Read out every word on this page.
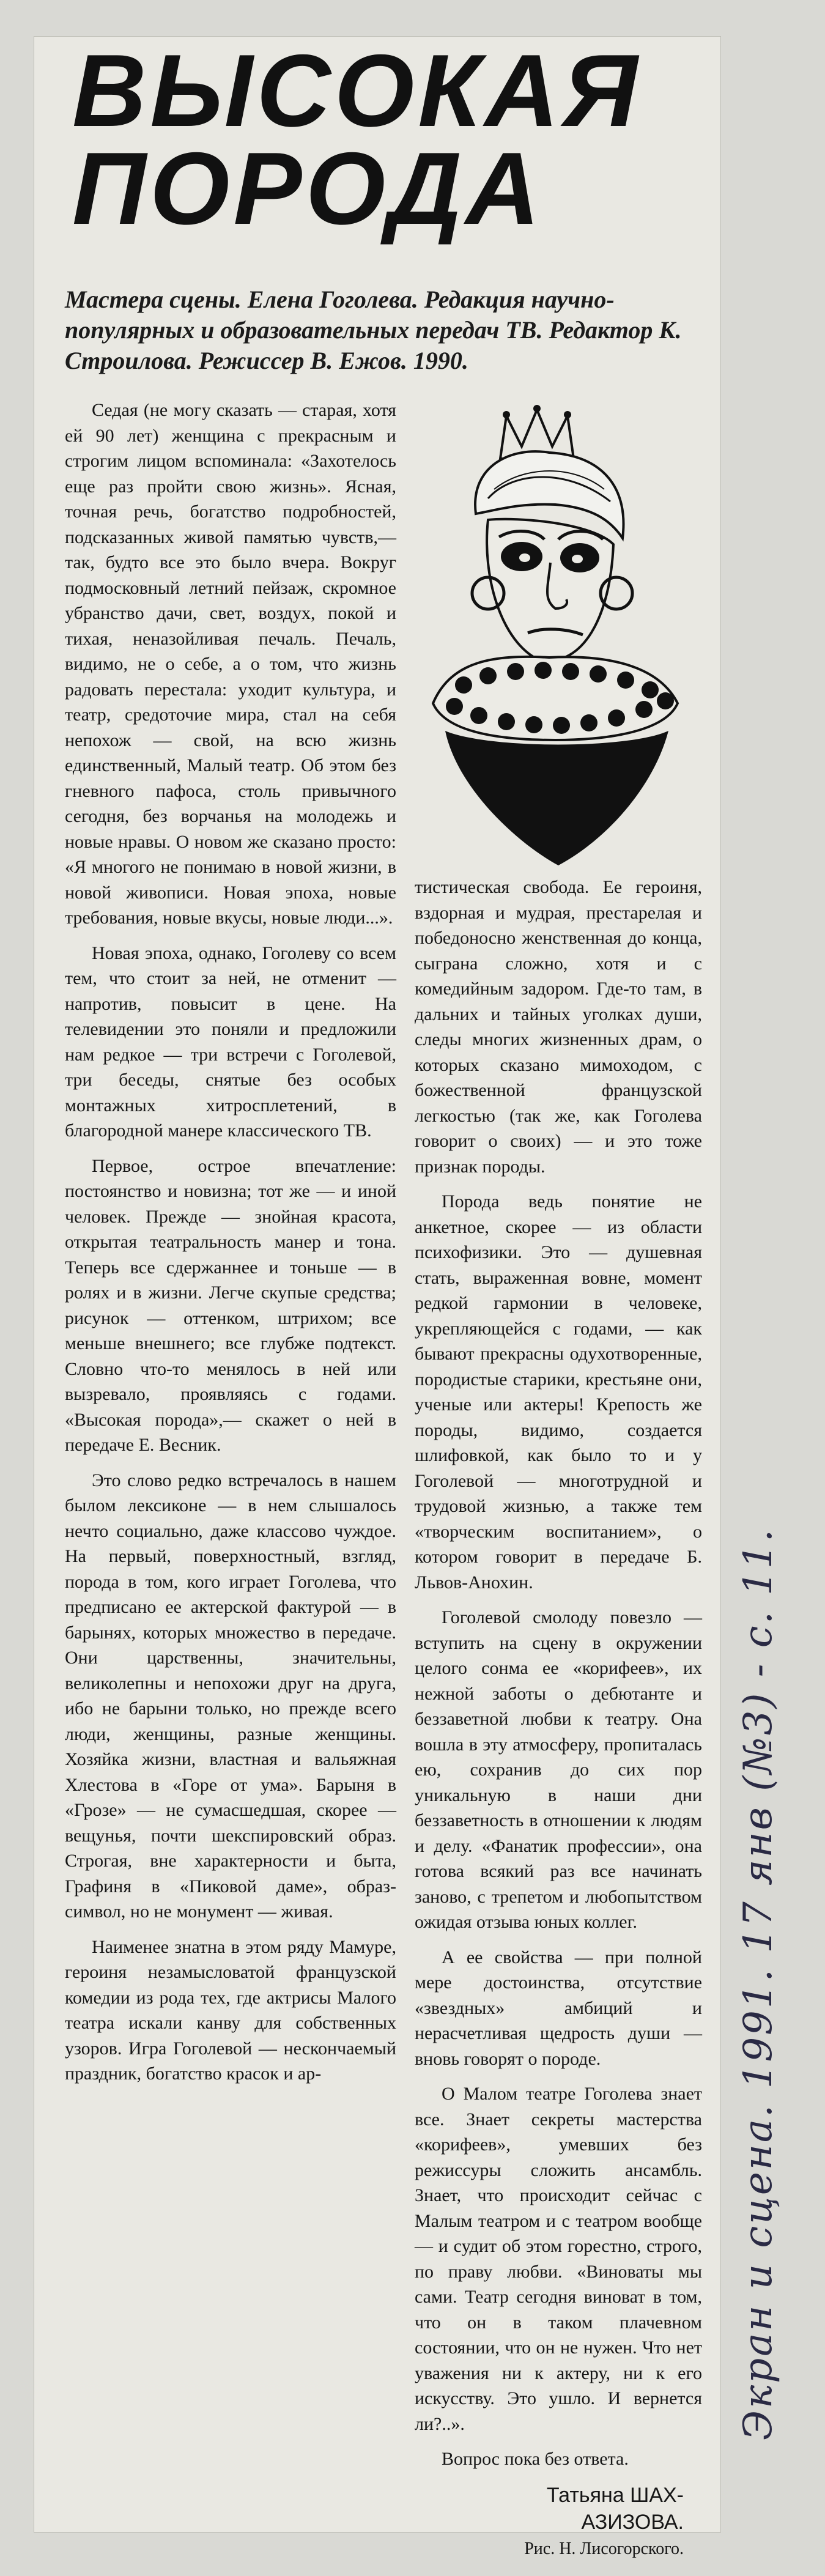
ВЫСОКАЯ
ПОРОДА
Мастера сцены. Елена Гоголева. Редакция научно-популярных и образовательных передач ТВ. Редактор К. Строилова. Режиссер В. Ежов. 1990.

Седая (не могу сказать — старая, хотя ей 90 лет) женщина с прекрасным и строгим лицом вспоминала: «Захотелось еще раз пройти свою жизнь». Ясная, точная речь, богатство подробностей, подсказанных живой памятью чувств,— так, будто все это было вчера. Вокруг подмосковный летний пейзаж, скромное убранство дачи, свет, воздух, покой и тихая, неназойливая печаль. Печаль, видимо, не о себе, а о том, что жизнь радовать перестала: уходит культура, и театр, средоточие мира, стал на себя непохож — свой, на всю жизнь единственный, Малый театр. Об этом без гневного пафоса, столь привычного сегодня, без ворчанья на молодежь и новые нравы. О новом же сказано просто: «Я многого не понимаю в новой жизни, в новой живописи. Новая эпоха, новые требования, новые вкусы, новые люди...».

Новая эпоха, однако, Гоголеву со всем тем, что стоит за ней, не отменит — напротив, повысит в цене. На телевидении это поняли и предложили нам редкое — три встречи с Гоголевой, три беседы, снятые без особых монтажных хитросплетений, в благородной манере классического ТВ.

Первое, острое впечатление: постоянство и новизна; тот же — и иной человек. Прежде — знойная красота, открытая театральность манер и тона. Теперь все сдержаннее и тоньше — в ролях и в жизни. Легче скупые средства; рисунок — оттенком, штрихом; все меньше внешнего; все глубже подтекст. Словно что-то менялось в ней или вызревало, проявляясь с годами. «Высокая порода»,— скажет о ней в передаче Е. Весник.

Это слово редко встречалось в нашем былом лексиконе — в нем слышалось нечто социально, даже классово чуждое. На первый, поверхностный, взгляд, порода в том, кого играет Гоголева, что предписано ее актерской фактурой — в барынях, которых множество в передаче. Они царственны, значительны, великолепны и непохожи друг на друга, ибо не барыни только, но прежде всего люди, женщины, разные женщины. Хозяйка жизни, властная и вальяжная Хлестова в «Горе от ума». Барыня в «Грозе» — не сумасшедшая, скорее — вещунья, почти шекспировский образ. Строгая, вне характерности и быта, Графиня в «Пиковой даме», образ-символ, но не монумент — живая.

Наименее знатна в этом ряду Мамуре, героиня незамысловатой французской комедии из рода тех, где актрисы Малого театра искали канву для собственных узоров. Игра Гоголевой — нескончаемый праздник, богатство красок и ар-

тистическая свобода. Ее героиня, вздорная и мудрая, престарелая и победоносно женственная до конца, сыграна сложно, хотя и с комедийным задором. Где-то там, в дальних и тайных уголках души, следы многих жизненных драм, о которых сказано мимоходом, с божественной французской легкостью (так же, как Гоголева говорит о своих) — и это тоже признак породы.

Порода ведь понятие не анкетное, скорее — из области психофизики. Это — душевная стать, выраженная вовне, момент редкой гармонии в человеке, укрепляющейся с годами, — как бывают прекрасны одухотворенные, породистые старики, крестьяне они, ученые или актеры! Крепость же породы, видимо, создается шлифовкой, как было то и у Гоголевой — многотрудной и трудовой жизнью, а также тем «творческим воспитанием», о котором говорит в передаче Б. Львов-Анохин.

Гоголевой смолоду повезло — вступить на сцену в окружении целого сонма ее «корифеев», их нежной заботы о дебютанте и беззаветной любви к театру. Она вошла в эту атмосферу, пропиталась ею, сохранив до сих пор уникальную в наши дни беззаветность в отношении к людям и делу. «Фанатик профессии», она готова всякий раз все начинать заново, с трепетом и любопытством ожидая отзыва юных коллег.

А ее свойства — при полной мере достоинства, отсутствие «звездных» амбиций и нерасчетливая щедрость души — вновь говорят о породе.

О Малом театре Гоголева знает все. Знает секреты мастерства «корифеев», умевших без режиссуры сложить ансамбль. Знает, что происходит сейчас с Малым театром и с театром вообще — и судит об этом горестно, строго, по праву любви. «Виноваты мы сами. Театр сегодня виноват в том, что он в таком плачевном состоянии, что он не нужен. Что нет уважения ни к актеру, ни к его искусству. Это ушло. И вернется ли?..».

Вопрос пока без ответа.

Татьяна ШАХ-
АЗИЗОВА.
Рис. Н. Лисогорского.
Экран и сцена. 1991. 17 янв (№3) - с. 11.
